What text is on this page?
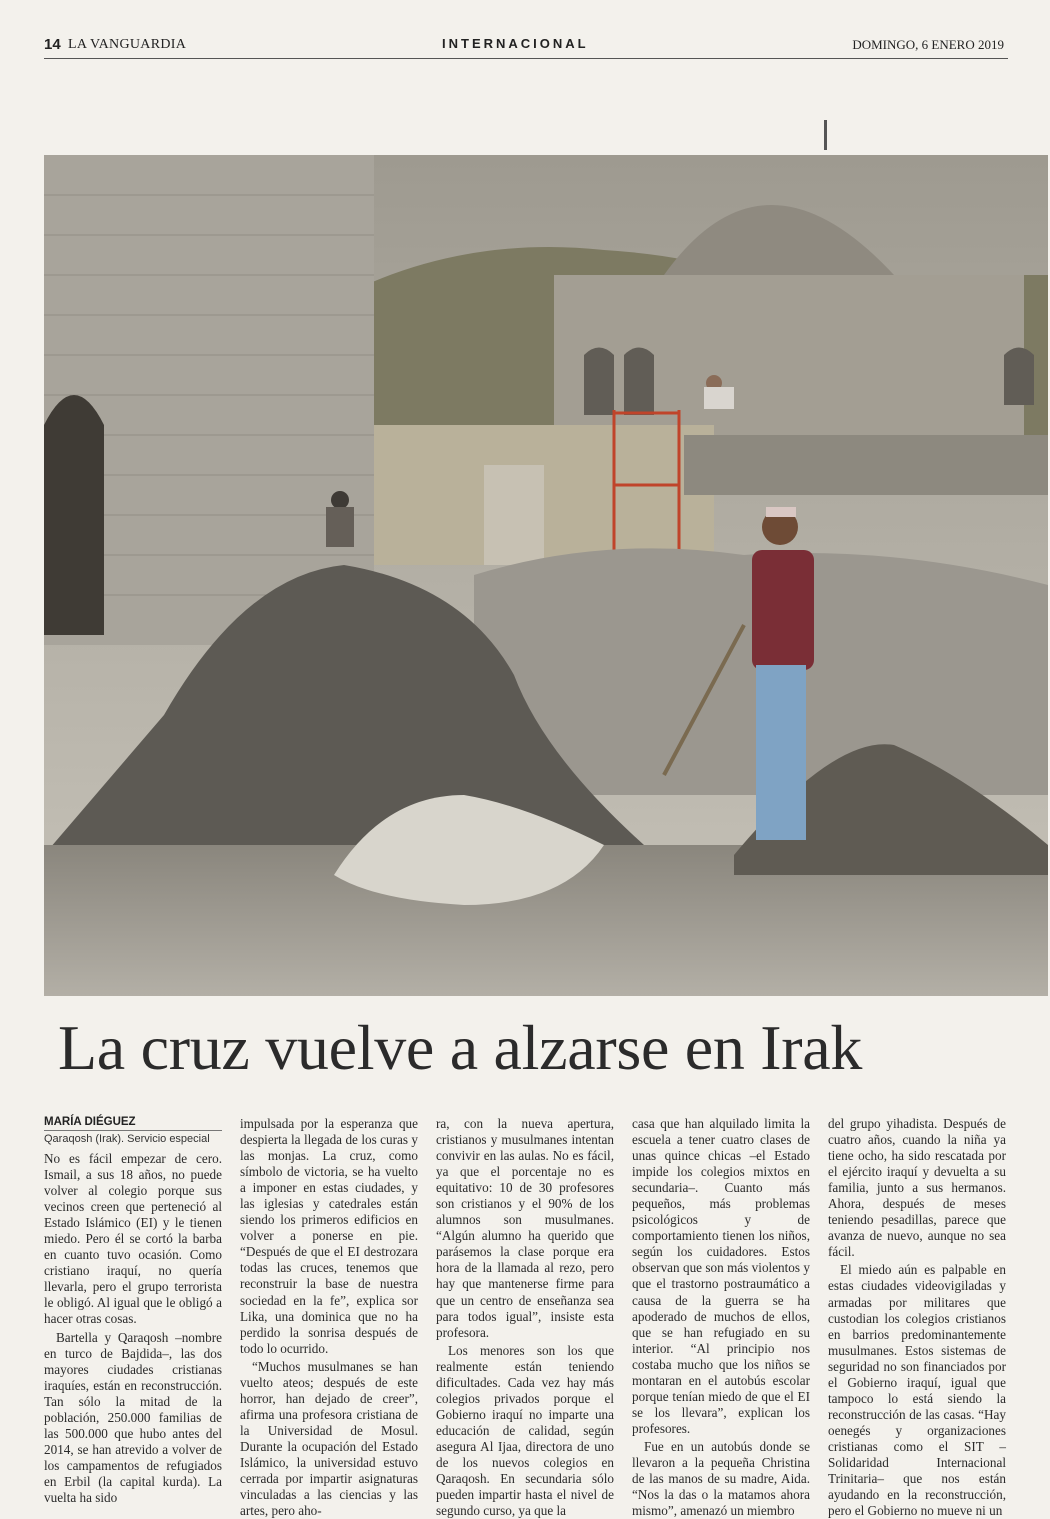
14 LA VANGUARDIA	INTERNACIONAL	DOMINGO, 6 ENERO 2019
La cruz vuelve a alzarse en Irak
MARÍA DIÉGUEZ
Qaraqosh (Irak). Servicio especial

No es fácil empezar de cero. Ismail, a sus 18 años, no puede volver al colegio porque sus vecinos creen que perteneció al Estado Islámico (EI) y le tienen miedo. Pero él se cortó la barba en cuanto tuvo ocasión. Como cristiano iraquí, no quería llevarla, pero el grupo terrorista le obligó. Al igual que le obligó a hacer otras cosas.

Bartella y Qaraqosh –nombre en turco de Bajdida–, las dos mayores ciudades cristianas iraquíes, están en reconstrucción. Tan sólo la mitad de la población, 250.000 familias de las 500.000 que hubo antes del 2014, se han atrevido a volver de los campamentos de refugiados en Erbil (la capital kurda). La vuelta ha sido

impulsada por la esperanza que despierta la llegada de los curas y las monjas. La cruz, como símbolo de victoria, se ha vuelto a imponer en estas ciudades, y las iglesias y catedrales están siendo los primeros edificios en volver a ponerse en pie. “Después de que el EI destrozara todas las cruces, tenemos que reconstruir la base de nuestra sociedad en la fe”, explica sor Lika, una dominica que no ha perdido la sonrisa después de todo lo ocurrido.

“Muchos musulmanes se han vuelto ateos; después de este horror, han dejado de creer”, afirma una profesora cristiana de la Universidad de Mosul. Durante la ocupación del Estado Islámico, la universidad estuvo cerrada por impartir asignaturas vinculadas a las ciencias y las artes, pero aho-

ra, con la nueva apertura, cristianos y musulmanes intentan convivir en las aulas. No es fácil, ya que el porcentaje no es equitativo: 10 de 30 profesores son cristianos y el 90% de los alumnos son musulmanes. “Algún alumno ha querido que parásemos la clase porque era hora de la llamada al rezo, pero hay que mantenerse firme para que un centro de enseñanza sea para todos igual”, insiste esta profesora.

Los menores son los que realmente están teniendo dificultades. Cada vez hay más colegios privados porque el Gobierno iraquí no imparte una educación de calidad, según asegura Al Ijaa, directora de uno de los nuevos colegios en Qaraqosh. En secundaria sólo pueden impartir hasta el nivel de segundo curso, ya que la

casa que han alquilado limita la escuela a tener cuatro clases de unas quince chicas –el Estado impide los colegios mixtos en secundaria–. Cuanto más pequeños, más problemas psicológicos y de comportamiento tienen los niños, según los cuidadores. Estos observan que son más violentos y que el trastorno postraumático a causa de la guerra se ha apoderado de muchos de ellos, que se han refugiado en su interior. “Al principio nos costaba mucho que los niños se montaran en el autobús escolar porque tenían miedo de que el EI se los llevara”, explican los profesores.

Fue en un autobús donde se llevaron a la pequeña Christina de las manos de su madre, Aida. “Nos la das o la matamos ahora mismo”, amenazó un miembro

del grupo yihadista. Después de cuatro años, cuando la niña ya tiene ocho, ha sido rescatada por el ejército iraquí y devuelta a su familia, junto a sus hermanos. Ahora, después de meses teniendo pesadillas, parece que avanza de nuevo, aunque no sea fácil.

El miedo aún es palpable en estas ciudades videovigiladas y armadas por militares que custodian los colegios cristianos en barrios predominantemente musulmanes. Estos sistemas de seguridad no son financiados por el Gobierno iraquí, igual que tampoco lo está siendo la reconstrucción de las casas. “Hay oenegés y organizaciones cristianas como el SIT –Solidaridad Internacional Trinitaria– que nos están ayudando en la reconstrucción, pero el Gobierno no mueve ni un
